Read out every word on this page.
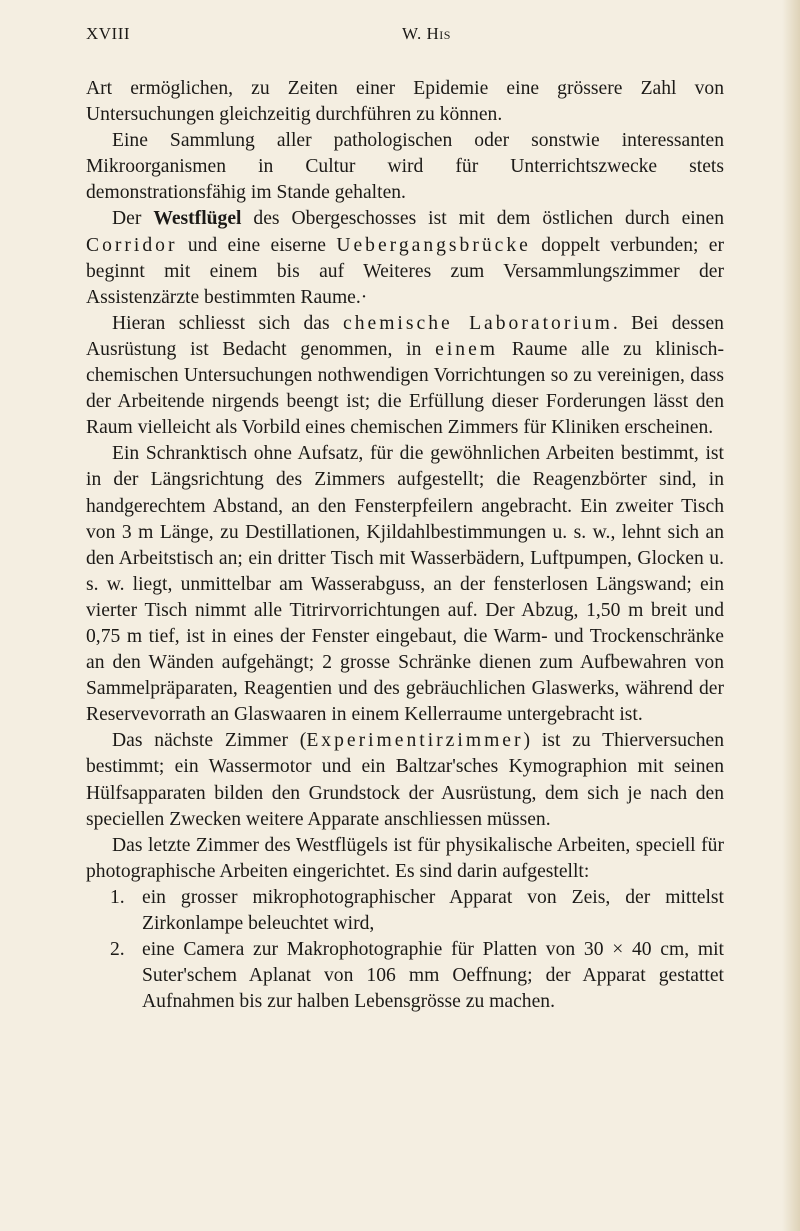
XVIII	W. His

Art ermöglichen, zu Zeiten einer Epidemie eine grössere Zahl von Untersuchungen gleichzeitig durchführen zu können.

Eine Sammlung aller pathologischen oder sonstwie interessanten Mikroorganismen in Cultur wird für Unterrichtszwecke stets demonstrationsfähig im Stande gehalten.

Der Westflügel des Obergeschosses ist mit dem östlichen durch einen Corridor und eine eiserne Uebergangsbrücke doppelt verbunden; er beginnt mit einem bis auf Weiteres zum Versammlungszimmer der Assistenzärzte bestimmten Raume.·

Hieran schliesst sich das chemische Laboratorium. Bei dessen Ausrüstung ist Bedacht genommen, in einem Raume alle zu klinisch-chemischen Untersuchungen nothwendigen Vorrichtungen so zu vereinigen, dass der Arbeitende nirgends beengt ist; die Erfüllung dieser Forderungen lässt den Raum vielleicht als Vorbild eines chemischen Zimmers für Kliniken erscheinen.

Ein Schranktisch ohne Aufsatz, für die gewöhnlichen Arbeiten bestimmt, ist in der Längsrichtung des Zimmers aufgestellt; die Reagenzbörter sind, in handgerechtem Abstand, an den Fensterpfeilern angebracht. Ein zweiter Tisch von 3 m Länge, zu Destillationen, Kjildahlbestimmungen u. s. w., lehnt sich an den Arbeitstisch an; ein dritter Tisch mit Wasserbädern, Luftpumpen, Glocken u. s. w. liegt, unmittelbar am Wasserabguss, an der fensterlosen Längswand; ein vierter Tisch nimmt alle Titrirvorrichtungen auf. Der Abzug, 1,50 m breit und 0,75 m tief, ist in eines der Fenster eingebaut, die Warm- und Trockenschränke an den Wänden aufgehängt; 2 grosse Schränke dienen zum Aufbewahren von Sammelpräparaten, Reagentien und des gebräuchlichen Glaswerks, während der Reservevorrath an Glaswaaren in einem Kellerraume untergebracht ist.

Das nächste Zimmer (Experimentirzimmer) ist zu Thierversuchen bestimmt; ein Wassermotor und ein Baltzar'sches Kymographion mit seinen Hülfsapparaten bilden den Grundstock der Ausrüstung, dem sich je nach den speciellen Zwecken weitere Apparate anschliessen müssen.

Das letzte Zimmer des Westflügels ist für physikalische Arbeiten, speciell für photographische Arbeiten eingerichtet. Es sind darin aufgestellt:

1. ein grosser mikrophotographischer Apparat von Zeis, der mittelst Zirkonlampe beleuchtet wird,
2. eine Camera zur Makrophotographie für Platten von 30 × 40 cm, mit Suter'schem Aplanat von 106 mm Oeffnung; der Apparat gestattet Aufnahmen bis zur halben Lebensgrösse zu machen.
